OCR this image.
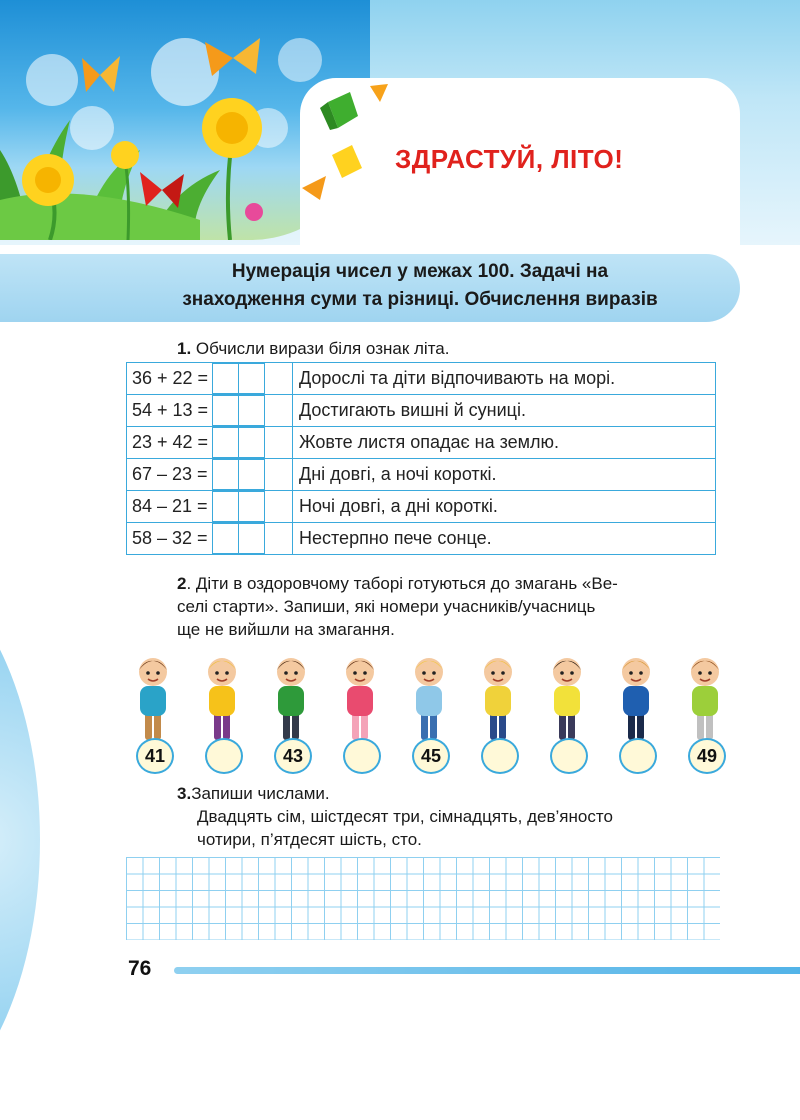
ЗДРАСТУЙ, ЛІТО!
Нумерація чисел у межах 100. Задачі на
знаходження суми та різниці. Обчислення виразів
1. Обчисли вирази біля ознак літа.
36 + 22 =	Дорослі та діти відпочивають на морі.

54 + 13 =	Достигають вишні й суниці.

23 + 42 =	Жовте листя опадає на землю.

67 – 23 =	Дні довгі, а ночі короткі.

84 – 21 =	Ночі довгі, а дні короткі.

58 – 32 =	Нестерпно пече сонце.
2. Діти в оздоровчому таборі готуються до змагань «Ве-
селі старти». Запиши, які номери учасників/учасниць
ще не вийшли на змагання.
41	43	45	49
3.Запиши числами.
Двадцять сім, шістдесят три, сімнадцять, дев’яносто
чотири, п’ятдесят шість, сто.
76
